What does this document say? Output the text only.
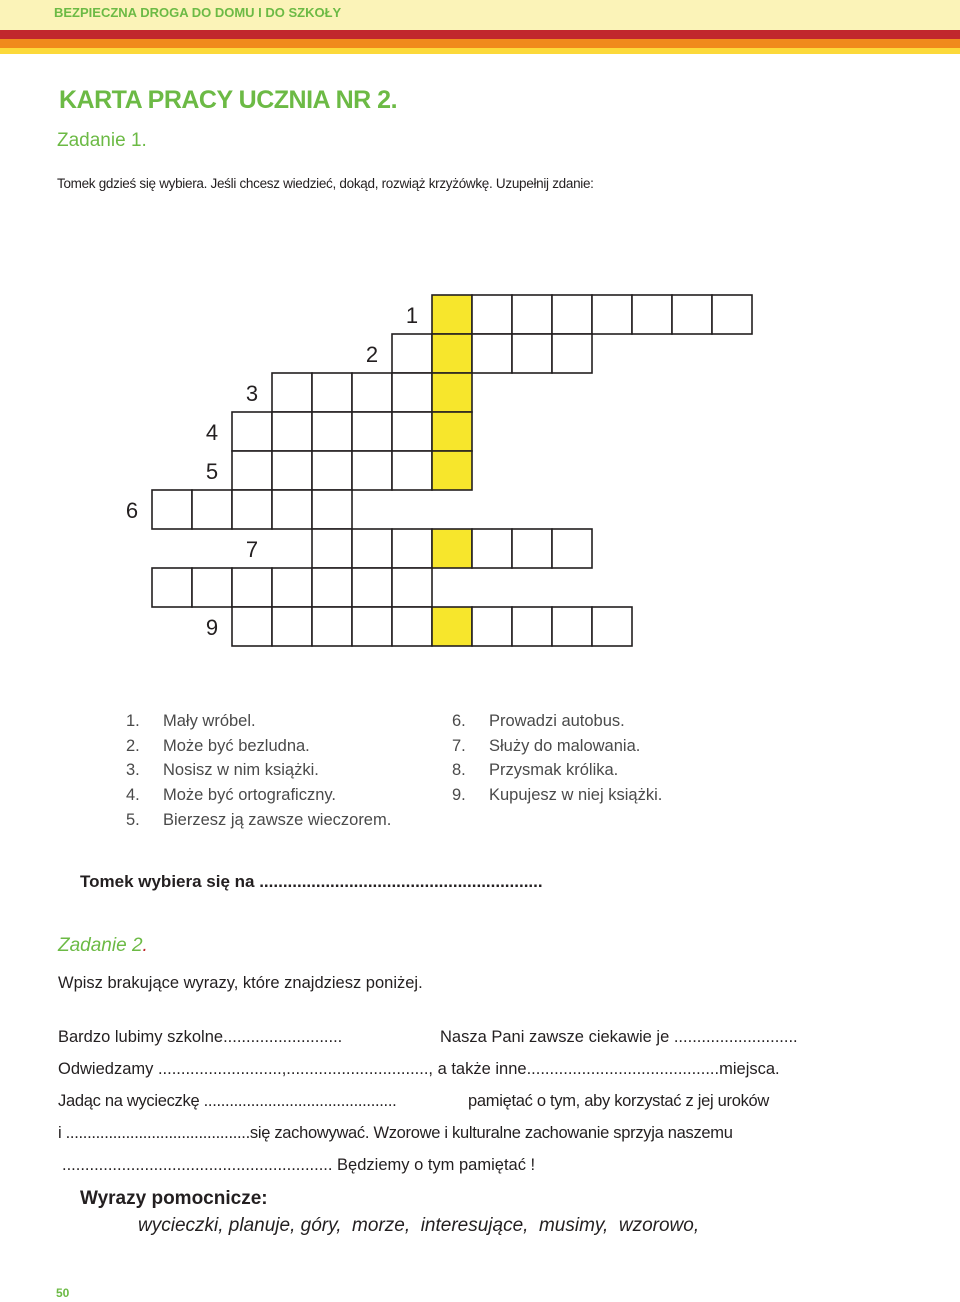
BEZPIECZNA DROGA DO DOMU I DO SZKOŁY
KARTA PRACY UCZNIA NR 2.
Zadanie 1.
Tomek gdzieś się wybiera. Jeśli chcesz wiedzieć, dokąd, rozwiąż krzyżówkę. Uzupełnij zdanie:
1
2
3
4
5
6
7
9
1.	Mały wróbel.
2.	Może być bezludna.
3.	Nosisz w nim książki.
4.	Może być ortograficzny.
5.	Bierzesz ją zawsze wieczorem.
6.	Prowadzi autobus.
7.	Służy do malowania.
8.	Przysmak królika.
9.	Kupujesz w niej książki.
Tomek wybiera się na ............................................................
Zadanie 2.
Wpisz brakujące wyrazy, które znajdziesz poniżej.
Bardzo lubimy szkolne..........................	Nasza Pani zawsze ciekawie je ...........................
Odwiedzamy ...........................,..............................., a także inne..........................................miejsca.
Jadąc na wycieczkę .............................................	pamiętać o tym, aby korzystać z jej uroków
i ...........................................się zachowywać. Wzorowe i kulturalne zachowanie sprzyja naszemu
........................................................... Będziemy o tym pamiętać !
Wyrazy pomocnicze:
wycieczki, planuje, góry,  morze,  interesujące,  musimy,  wzorowo,
50
